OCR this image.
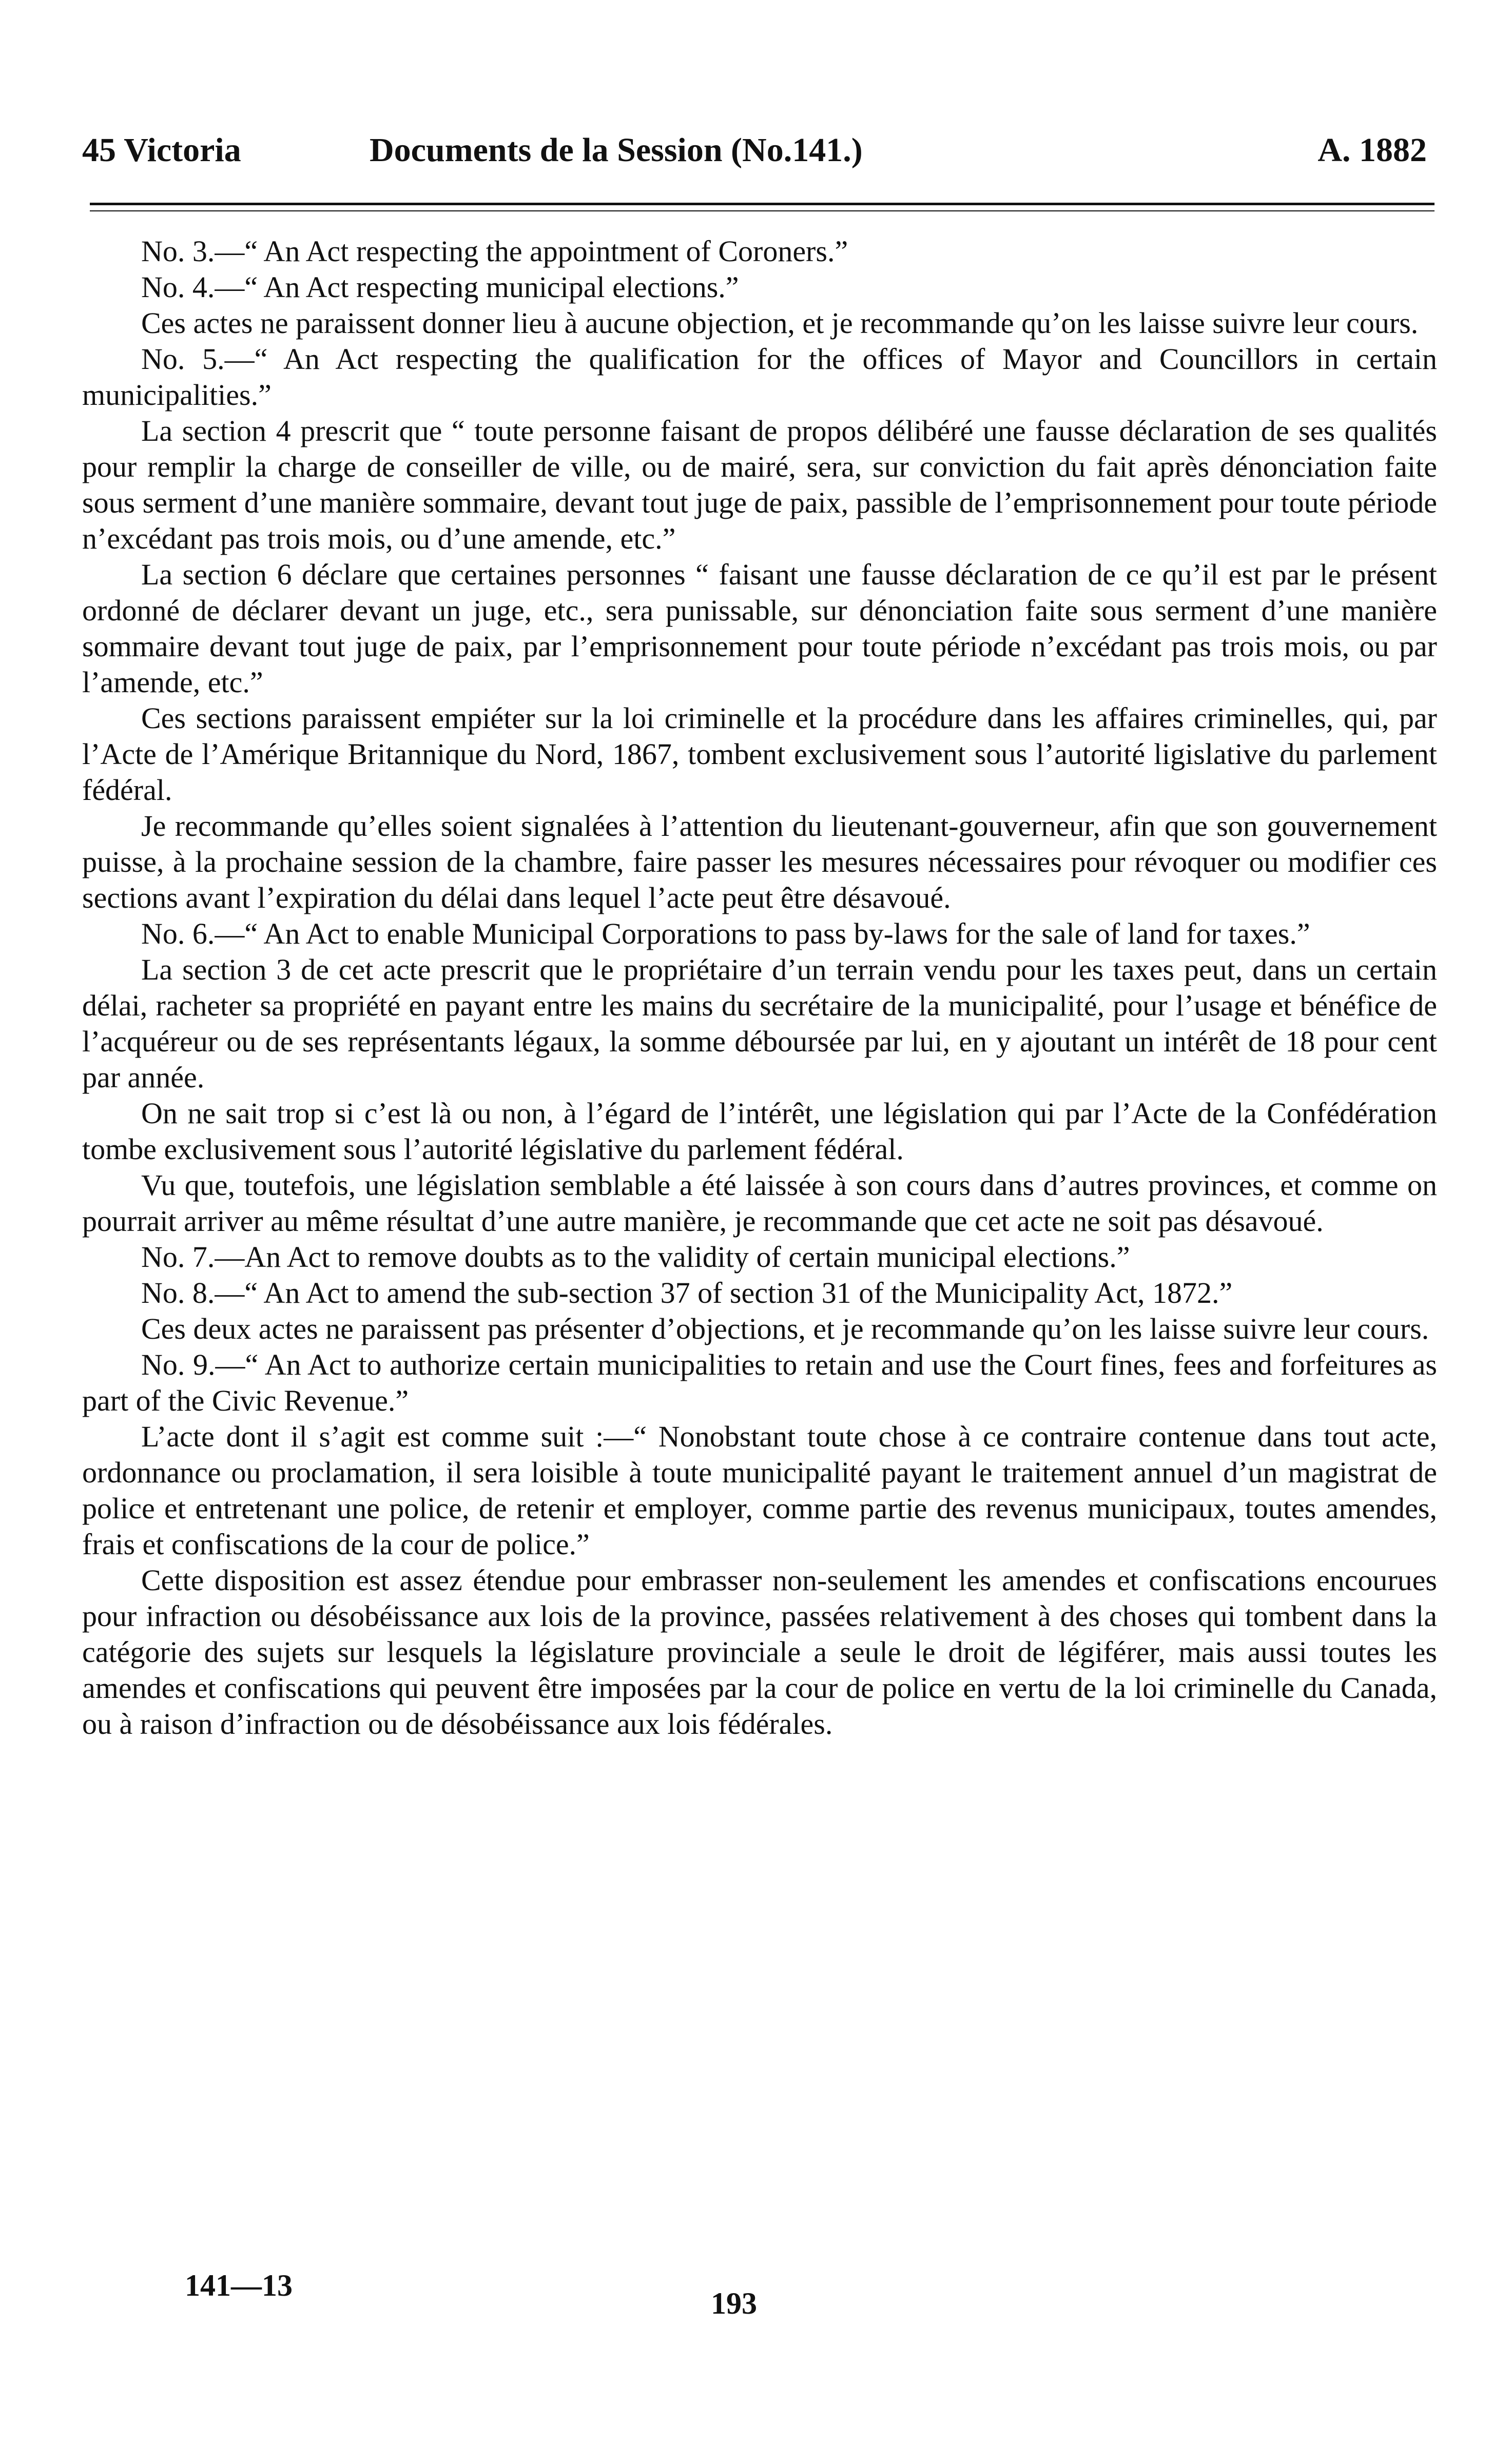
45 Victoria	Documents de la Session (No.141.)	A. 1882

No. 3.—“ An Act respecting the appointment of Coroners.”

No. 4.—“ An Act respecting municipal elections.”

Ces actes ne paraissent donner lieu à aucune objection, et je recommande qu’on les laisse suivre leur cours.

No. 5.—“ An Act respecting the qualification for the offices of Mayor and Councillors in certain municipalities.”

La section 4 prescrit que “ toute personne faisant de propos délibéré une fausse déclaration de ses qualités pour remplir la charge de conseiller de ville, ou de mairé, sera, sur conviction du fait après dénonciation faite sous serment d’une manière sommaire, devant tout juge de paix, passible de l’emprisonnement pour toute période n’excédant pas trois mois, ou d’une amende, etc.”

La section 6 déclare que certaines personnes “ faisant une fausse déclaration de ce qu’il est par le présent ordonné de déclarer devant un juge, etc., sera punissable, sur dénonciation faite sous serment d’une manière sommaire devant tout juge de paix, par l’emprisonnement pour toute période n’excédant pas trois mois, ou par l’amende, etc.”

Ces sections paraissent empiéter sur la loi criminelle et la procédure dans les affaires criminelles, qui, par l’Acte de l’Amérique Britannique du Nord, 1867, tombent exclusivement sous l’autorité ligislative du parlement fédéral.

Je recommande qu’elles soient signalées à l’attention du lieutenant-gouverneur, afin que son gouvernement puisse, à la prochaine session de la chambre, faire passer les mesures nécessaires pour révoquer ou modifier ces sections avant l’expiration du délai dans lequel l’acte peut être désavoué.

No. 6.—“ An Act to enable Municipal Corporations to pass by-laws for the sale of land for taxes.”

La section 3 de cet acte prescrit que le propriétaire d’un terrain vendu pour les taxes peut, dans un certain délai, racheter sa propriété en payant entre les mains du secrétaire de la municipalité, pour l’usage et bénéfice de l’acquéreur ou de ses représentants légaux, la somme déboursée par lui, en y ajoutant un intérêt de 18 pour cent par année.

On ne sait trop si c’est là ou non, à l’égard de l’intérêt, une législation qui par l’Acte de la Confédération tombe exclusivement sous l’autorité législative du parlement fédéral.

Vu que, toutefois, une législation semblable a été laissée à son cours dans d’autres provinces, et comme on pourrait arriver au même résultat d’une autre manière, je recommande que cet acte ne soit pas désavoué.

No. 7.—An Act to remove doubts as to the validity of certain municipal elections.”

No. 8.—“ An Act to amend the sub-section 37 of section 31 of the Municipality Act, 1872.”

Ces deux actes ne paraissent pas présenter d’objections, et je recommande qu’on les laisse suivre leur cours.

No. 9.—“ An Act to authorize certain municipalities to retain and use the Court fines, fees and forfeitures as part of the Civic Revenue.”

L’acte dont il s’agit est comme suit :—“ Nonobstant toute chose à ce contraire contenue dans tout acte, ordonnance ou proclamation, il sera loisible à toute municipalité payant le traitement annuel d’un magistrat de police et entretenant une police, de retenir et employer, comme partie des revenus municipaux, toutes amendes, frais et confiscations de la cour de police.”

Cette disposition est assez étendue pour embrasser non-seulement les amendes et confiscations encourues pour infraction ou désobéissance aux lois de la province, passées relativement à des choses qui tombent dans la catégorie des sujets sur lesquels la législature provinciale a seule le droit de légiférer, mais aussi toutes les amendes et confiscations qui peuvent être imposées par la cour de police en vertu de la loi criminelle du Canada, ou à raison d’infraction ou de désobéissance aux lois fédérales.

141—13
193
